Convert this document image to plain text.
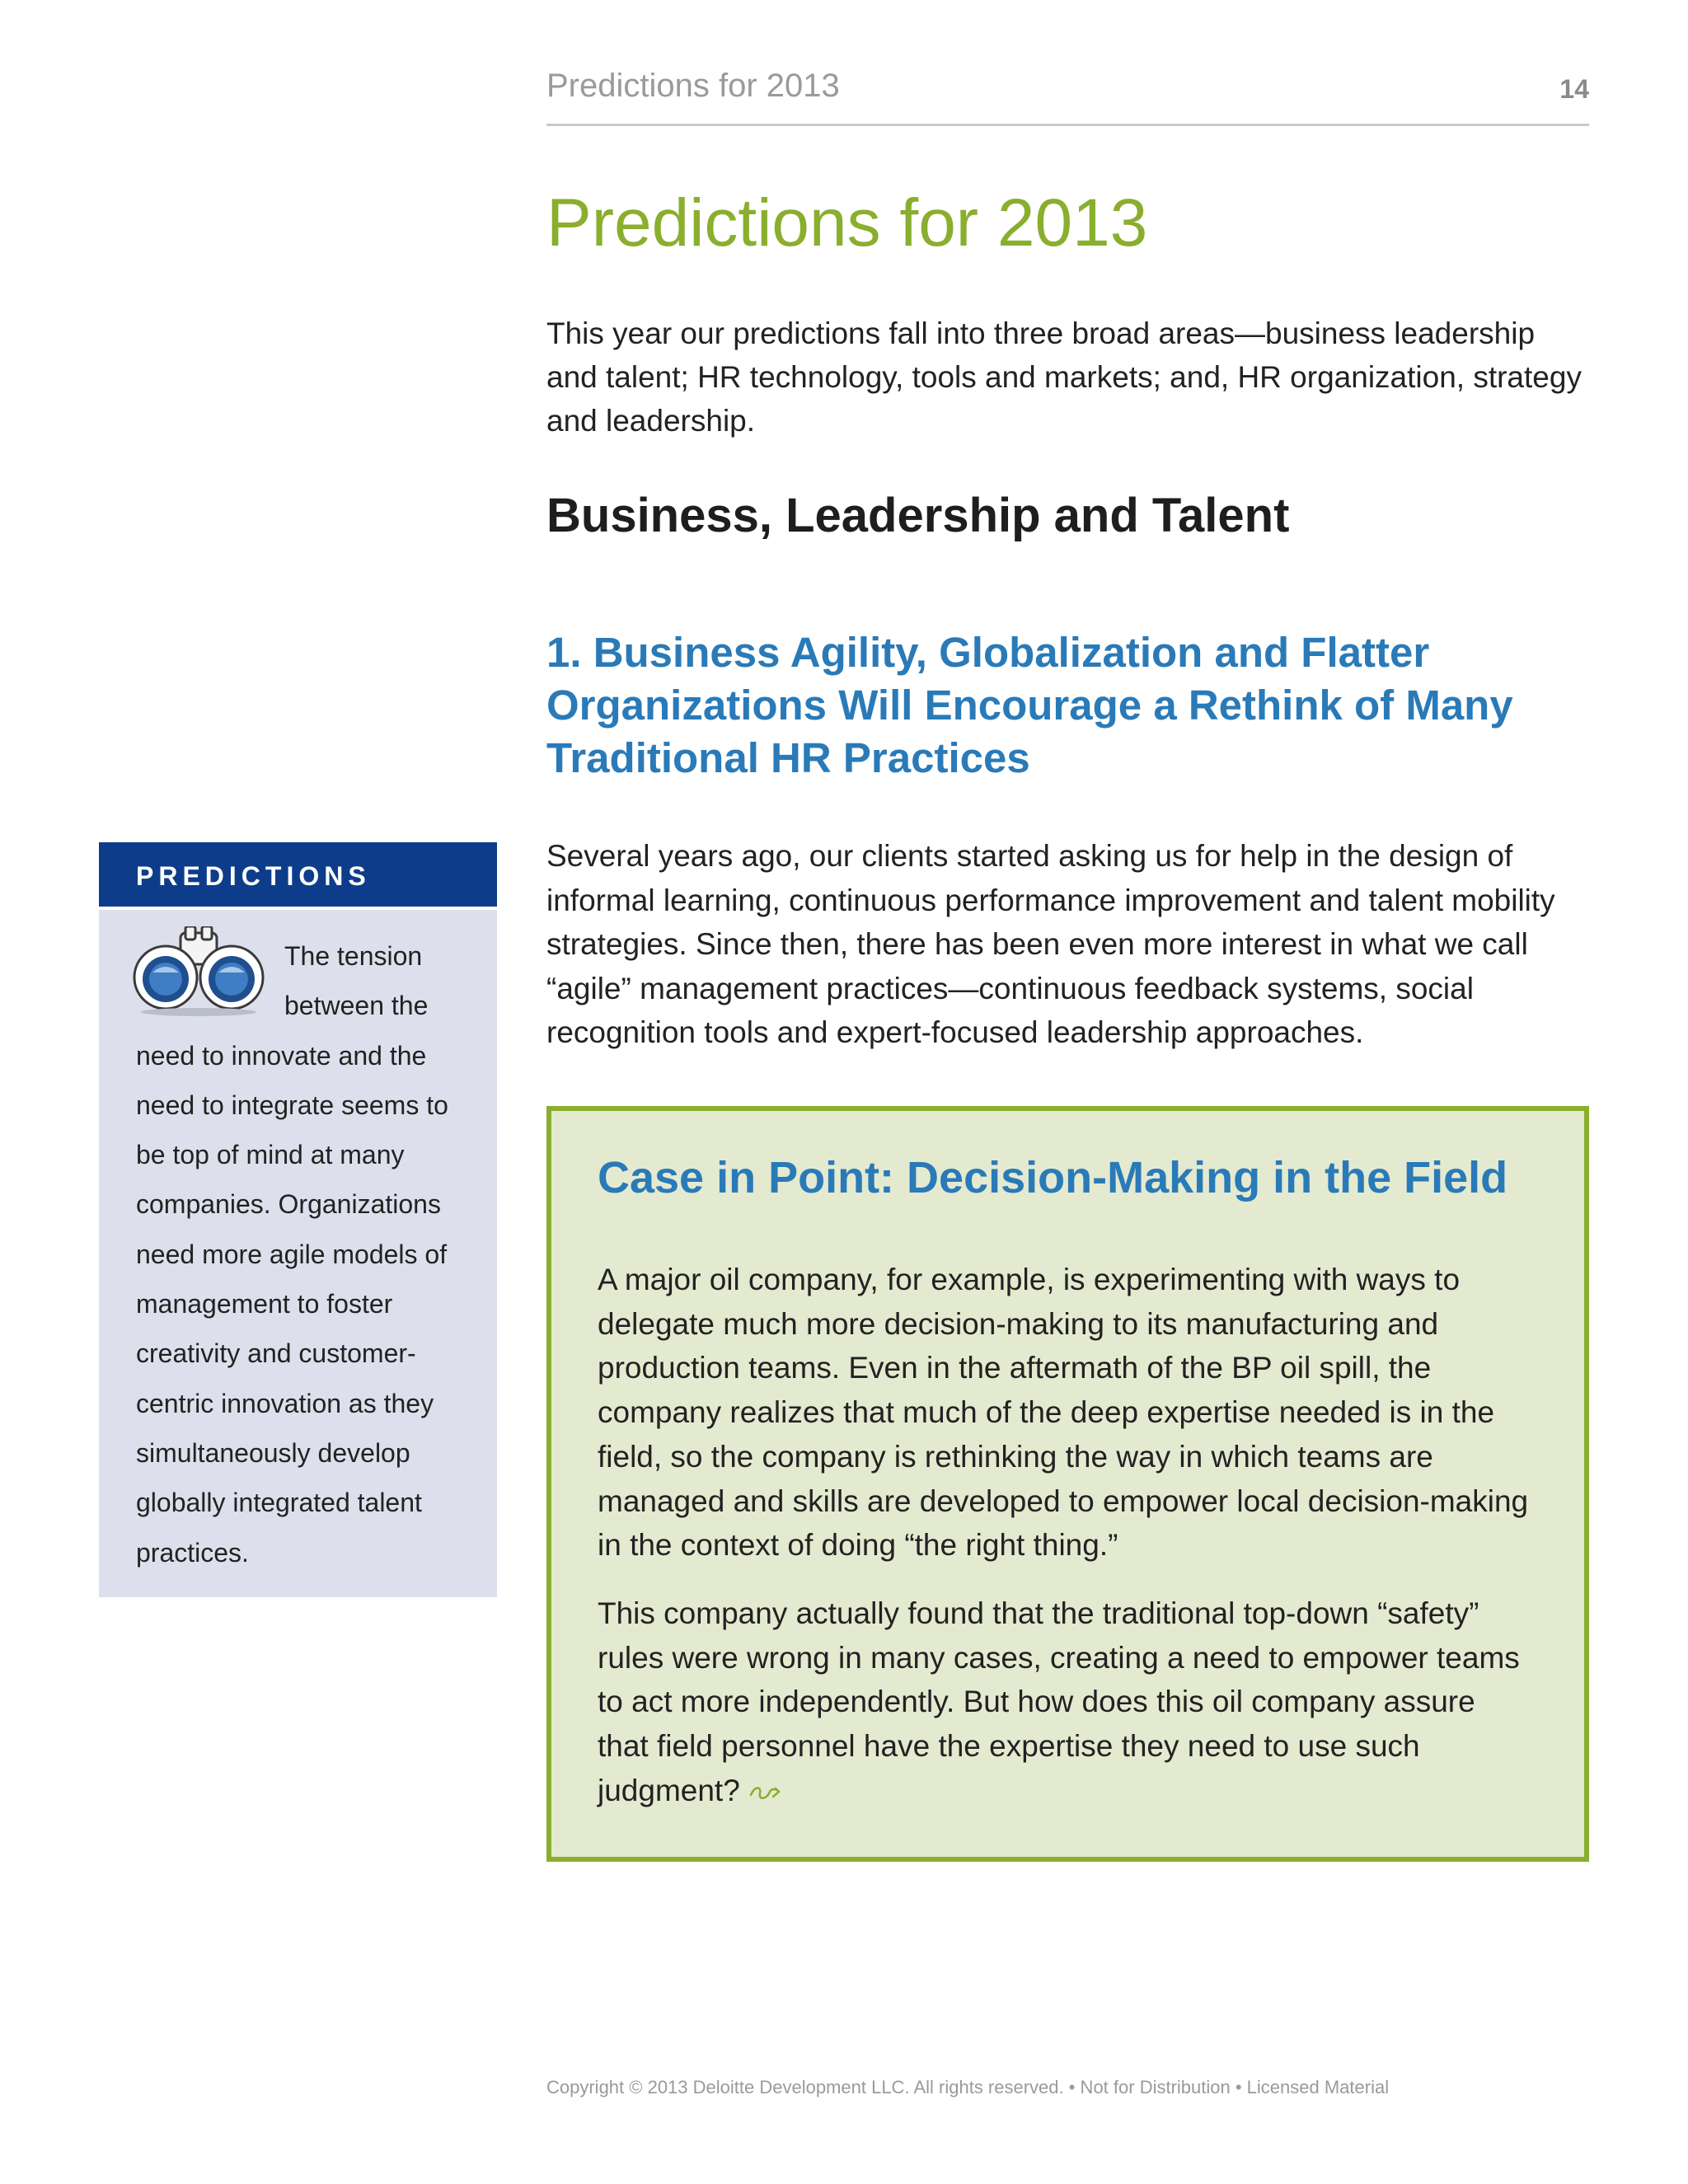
Predictions for 2013	14
Predictions for 2013

This year our predictions fall into three broad areas—business leadership and talent; HR technology, tools and markets; and, HR organization, strategy and leadership.

Business, Leadership and Talent
1. Business Agility, Globalization and Flatter Organizations Will Encourage a Rethink of Many Traditional HR Practices

Several years ago, our clients started asking us for help in the design of informal learning, continuous performance improvement and talent mobility strategies. Since then, there has been even more interest in what we call “agile” management practices—continuous feedback systems, social recognition tools and expert-focused leadership approaches.

PREDICTIONS
The tension between the need to innovate and the need to integrate seems to be top of mind at many companies. Organizations need more agile models of management to foster creativity and customer-centric innovation as they simultaneously develop globally integrated talent practices.
Case in Point: Decision-Making in the Field

A major oil company, for example, is experimenting with ways to delegate much more decision-making to its manufacturing and production teams. Even in the aftermath of the BP oil spill, the company realizes that much of the deep expertise needed is in the field, so the company is rethinking the way in which teams are managed and skills are developed to empower local decision-making in the context of doing “the right thing.”

This company actually found that the traditional top-down “safety” rules were wrong in many cases, creating a need to empower teams to act more independently. But how does this oil company assure that field personnel have the expertise they need to use such judgment?

Copyright © 2013 Deloitte Development LLC. All rights reserved. • Not for Distribution • Licensed Material
